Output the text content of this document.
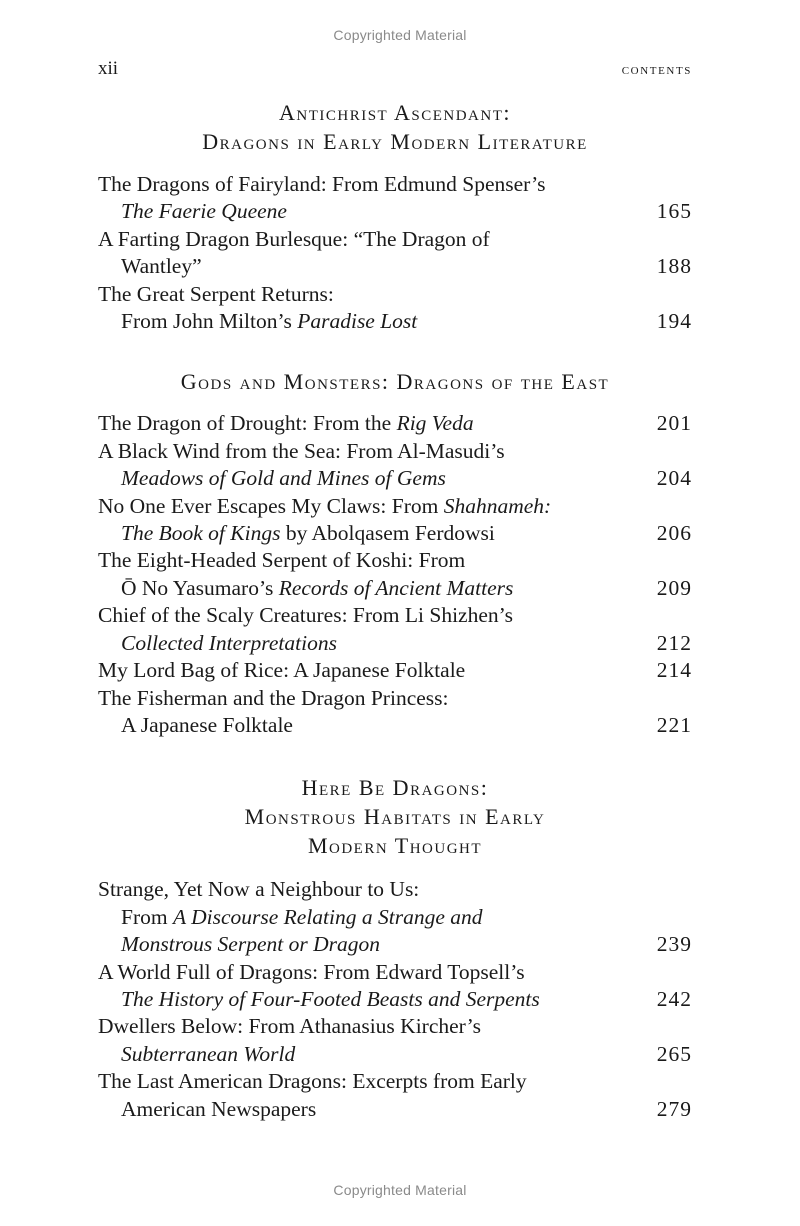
Copyrighted Material
xii	contents
Antichrist Ascendant:
Dragons in Early Modern Literature
The Dragons of Fairyland: From Edmund Spenser’s
The Faerie Queene	165
A Farting Dragon Burlesque: “The Dragon of
Wantley”	188
The Great Serpent Returns:
From John Milton’s Paradise Lost	194
Gods and Monsters: Dragons of the East
The Dragon of Drought: From the Rig Veda	201
A Black Wind from the Sea: From Al-Masudi’s
Meadows of Gold and Mines of Gems	204
No One Ever Escapes My Claws: From Shahnameh:
The Book of Kings by Abolqasem Ferdowsi	206
The Eight-Headed Serpent of Koshi: From
Ō No Yasumaro’s Records of Ancient Matters	209
Chief of the Scaly Creatures: From Li Shizhen’s
Collected Interpretations	212
My Lord Bag of Rice: A Japanese Folktale	214
The Fisherman and the Dragon Princess:
A Japanese Folktale	221
Here Be Dragons:
Monstrous Habitats in Early
Modern Thought
Strange, Yet Now a Neighbour to Us:
From A Discourse Relating a Strange and
Monstrous Serpent or Dragon	239
A World Full of Dragons: From Edward Topsell’s
The History of Four-Footed Beasts and Serpents	242
Dwellers Below: From Athanasius Kircher’s
Subterranean World	265
The Last American Dragons: Excerpts from Early
American Newspapers	279
Copyrighted Material
